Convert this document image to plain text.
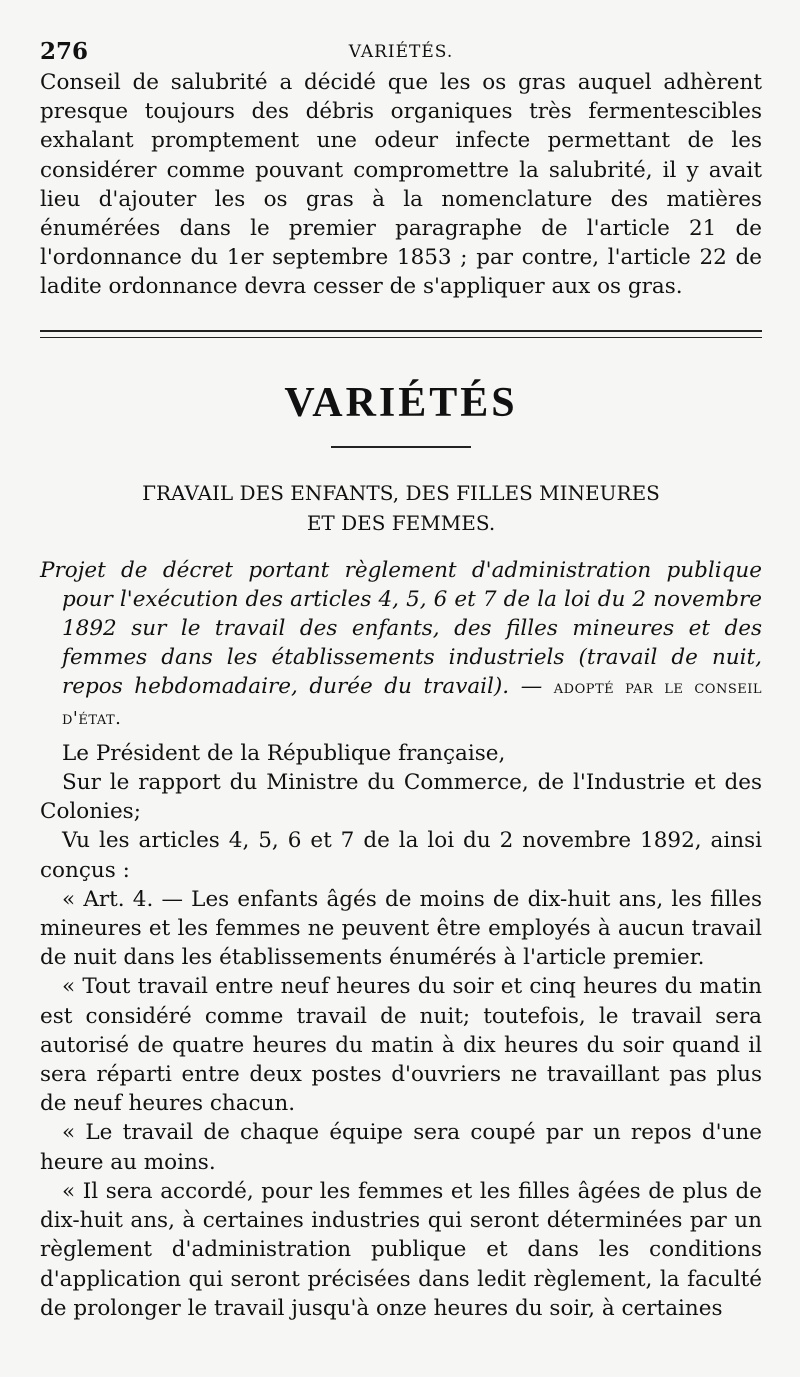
276	VARIÉTÉS.

Conseil de salubrité a décidé que les os gras auquel adhèrent presque toujours des débris organiques très fermentescibles exhalant promptement une odeur infecte permettant de les considérer comme pouvant compromettre la salubrité, il y avait lieu d'ajouter les os gras à la nomenclature des matières énumérées dans le premier paragraphe de l'article 21 de l'ordonnance du 1er septembre 1853 ; par contre, l'article 22 de ladite ordonnance devra cesser de s'appliquer aux os gras.

VARIÉTÉS
ΓRAVAIL DES ENFANTS, DES FILLES MINEURES
ET DES FEMMES.

Projet de décret portant règlement d'administration publique pour l'exécution des articles 4, 5, 6 et 7 de la loi du 2 novembre 1892 sur le travail des enfants, des filles mineures et des femmes dans les établissements industriels (travail de nuit, repos hebdomadaire, durée du travail). — adopté par le conseil d'état.

Le Président de la République française,

Sur le rapport du Ministre du Commerce, de l'Industrie et des Colonies;

Vu les articles 4, 5, 6 et 7 de la loi du 2 novembre 1892, ainsi conçus :

« Art. 4. — Les enfants âgés de moins de dix-huit ans, les filles mineures et les femmes ne peuvent être employés à aucun travail de nuit dans les établissements énumérés à l'article premier.

« Tout travail entre neuf heures du soir et cinq heures du matin est considéré comme travail de nuit; toutefois, le travail sera autorisé de quatre heures du matin à dix heures du soir quand il sera réparti entre deux postes d'ouvriers ne travaillant pas plus de neuf heures chacun.

« Le travail de chaque équipe sera coupé par un repos d'une heure au moins.

« Il sera accordé, pour les femmes et les filles âgées de plus de dix-huit ans, à certaines industries qui seront déterminées par un règlement d'administration publique et dans les conditions d'application qui seront précisées dans ledit règlement, la faculté de prolonger le travail jusqu'à onze heures du soir, à certaines
